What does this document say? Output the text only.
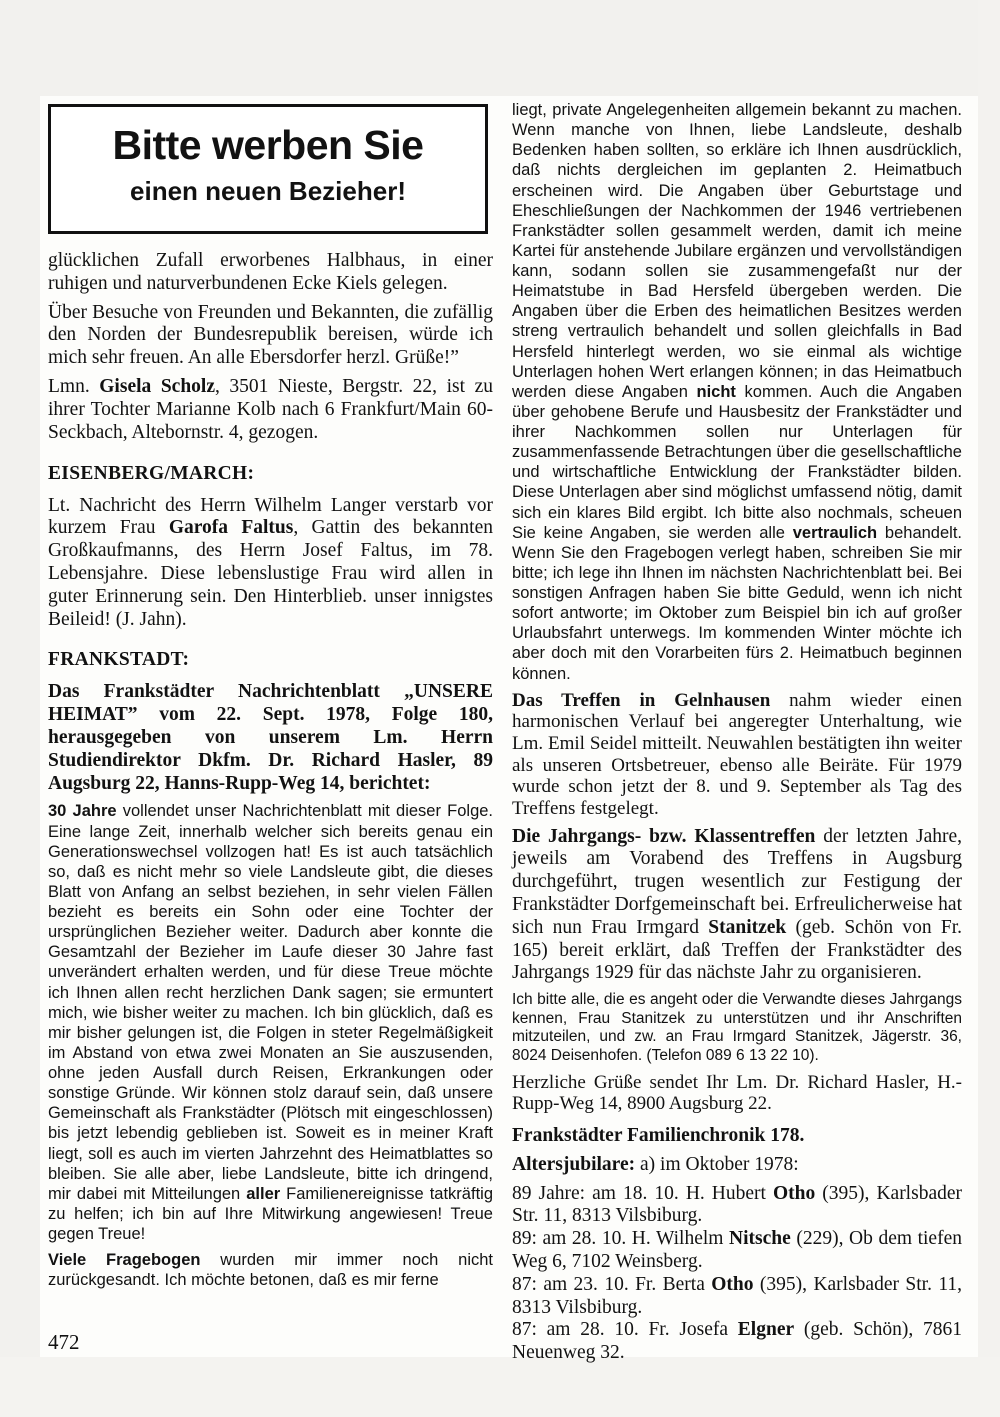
Bitte werben Sie
einen neuen Bezieher!

glücklichen Zufall erworbenes Halbhaus, in einer ruhigen und naturverbundenen Ecke Kiels gelegen.

Über Besuche von Freunden und Bekannten, die zufällig den Norden der Bundesrepublik bereisen, würde ich mich sehr freuen. An alle Ebersdorfer herzl. Grüße!”

Lmn. Gisela Scholz, 3501 Nieste, Bergstr. 22, ist zu ihrer Tochter Marianne Kolb nach 6 Frankfurt/Main 60-Seckbach, Altebornstr. 4, gezogen.

EISENBERG/MARCH:

Lt. Nachricht des Herrn Wilhelm Langer verstarb vor kurzem Frau Garofa Faltus, Gattin des bekannten Großkaufmanns, des Herrn Josef Faltus, im 78. Lebensjahre. Diese lebenslustige Frau wird allen in guter Erinnerung sein. Den Hinterblieb. unser innigstes Beileid! (J. Jahn).

FRANKSTADT:

Das Frankstädter Nachrichtenblatt „UNSERE HEIMAT” vom 22. Sept. 1978, Folge 180, herausgegeben von unserem Lm. Herrn Studiendirektor Dkfm. Dr. Richard Hasler, 89 Augsburg 22, Hanns-Rupp-Weg 14, berichtet:

30 Jahre vollendet unser Nachrichtenblatt mit dieser Folge. Eine lange Zeit, innerhalb welcher sich bereits genau ein Generationswechsel vollzogen hat! Es ist auch tatsächlich so, daß es nicht mehr so viele Landsleute gibt, die dieses Blatt von Anfang an selbst beziehen, in sehr vielen Fällen bezieht es bereits ein Sohn oder eine Tochter der ursprünglichen Bezieher weiter. Dadurch aber konnte die Gesamtzahl der Bezieher im Laufe dieser 30 Jahre fast unverändert erhalten werden, und für diese Treue möchte ich Ihnen allen recht herzlichen Dank sagen; sie ermuntert mich, wie bisher weiter zu machen. Ich bin glücklich, daß es mir bisher gelungen ist, die Folgen in steter Regelmäßigkeit im Abstand von etwa zwei Monaten an Sie auszusenden, ohne jeden Ausfall durch Reisen, Erkrankungen oder sonstige Gründe. Wir können stolz darauf sein, daß unsere Gemeinschaft als Frankstädter (Plötsch mit eingeschlossen) bis jetzt lebendig geblieben ist. Soweit es in meiner Kraft liegt, soll es auch im vierten Jahrzehnt des Heimatblattes so bleiben. Sie alle aber, liebe Landsleute, bitte ich dringend, mir dabei mit Mitteilungen aller Familienereignisse tatkräftig zu helfen; ich bin auf Ihre Mitwirkung angewiesen! Treue gegen Treue!

Viele Fragebogen wurden mir immer noch nicht zurückgesandt. Ich möchte betonen, daß es mir ferne

liegt, private Angelegenheiten allgemein bekannt zu machen. Wenn manche von Ihnen, liebe Landsleute, deshalb Bedenken haben sollten, so erkläre ich Ihnen ausdrücklich, daß nichts dergleichen im geplanten 2. Heimatbuch erscheinen wird. Die Angaben über Geburtstage und Eheschließungen der Nachkommen der 1946 vertriebenen Frankstädter sollen gesammelt werden, damit ich meine Kartei für anstehende Jubilare ergänzen und vervollständigen kann, sodann sollen sie zusammengefaßt nur der Heimatstube in Bad Hersfeld übergeben werden. Die Angaben über die Erben des heimatlichen Besitzes werden streng vertraulich behandelt und sollen gleichfalls in Bad Hersfeld hinterlegt werden, wo sie einmal als wichtige Unterlagen hohen Wert erlangen können; in das Heimatbuch werden diese Angaben nicht kommen. Auch die Angaben über gehobene Berufe und Hausbesitz der Frankstädter und ihrer Nachkommen sollen nur Unterlagen für zusammenfassende Betrachtungen über die gesellschaftliche und wirtschaftliche Entwicklung der Frankstädter bilden. Diese Unterlagen aber sind möglichst umfassend nötig, damit sich ein klares Bild ergibt. Ich bitte also nochmals, scheuen Sie keine Angaben, sie werden alle vertraulich behandelt. Wenn Sie den Fragebogen verlegt haben, schreiben Sie mir bitte; ich lege ihn Ihnen im nächsten Nachrichtenblatt bei. Bei sonstigen Anfragen haben Sie bitte Geduld, wenn ich nicht sofort antworte; im Oktober zum Beispiel bin ich auf großer Urlaubsfahrt unterwegs. Im kommenden Winter möchte ich aber doch mit den Vorarbeiten fürs 2. Heimatbuch beginnen können.

Das Treffen in Gelnhausen nahm wieder einen harmonischen Verlauf bei angeregter Unterhaltung, wie Lm. Emil Seidel mitteilt. Neuwahlen bestätigten ihn weiter als unseren Ortsbetreuer, ebenso alle Beiräte. Für 1979 wurde schon jetzt der 8. und 9. September als Tag des Treffens festgelegt.

Die Jahrgangs- bzw. Klassentreffen der letzten Jahre, jeweils am Vorabend des Treffens in Augsburg durchgeführt, trugen wesentlich zur Festigung der Frankstädter Dorfgemeinschaft bei. Erfreulicherweise hat sich nun Frau Irmgard Stanitzek (geb. Schön von Fr. 165) bereit erklärt, daß Treffen der Frankstädter des Jahrgangs 1929 für das nächste Jahr zu organisieren.

Ich bitte alle, die es angeht oder die Verwandte dieses Jahrgangs kennen, Frau Stanitzek zu unterstützen und ihr Anschriften mitzuteilen, und zw. an Frau Irmgard Stanitzek, Jägerstr. 36, 8024 Deisenhofen. (Telefon 089 6 13 22 10).

Herzliche Grüße sendet Ihr Lm. Dr. Richard Hasler, H.-Rupp-Weg 14, 8900 Augsburg 22.

Frankstädter Familienchronik 178.

Altersjubilare: a) im Oktober 1978:

89 Jahre: am 18. 10. H. Hubert Otho (395), Karlsbader Str. 11, 8313 Vilsbiburg.

89: am 28. 10. H. Wilhelm Nitsche (229), Ob dem tiefen Weg 6, 7102 Weinsberg.

87: am 23. 10. Fr. Berta Otho (395), Karlsbader Str. 11, 8313 Vilsbiburg.

87: am 28. 10. Fr. Josefa Elgner (geb. Schön), 7861 Neuenweg 32.

472
